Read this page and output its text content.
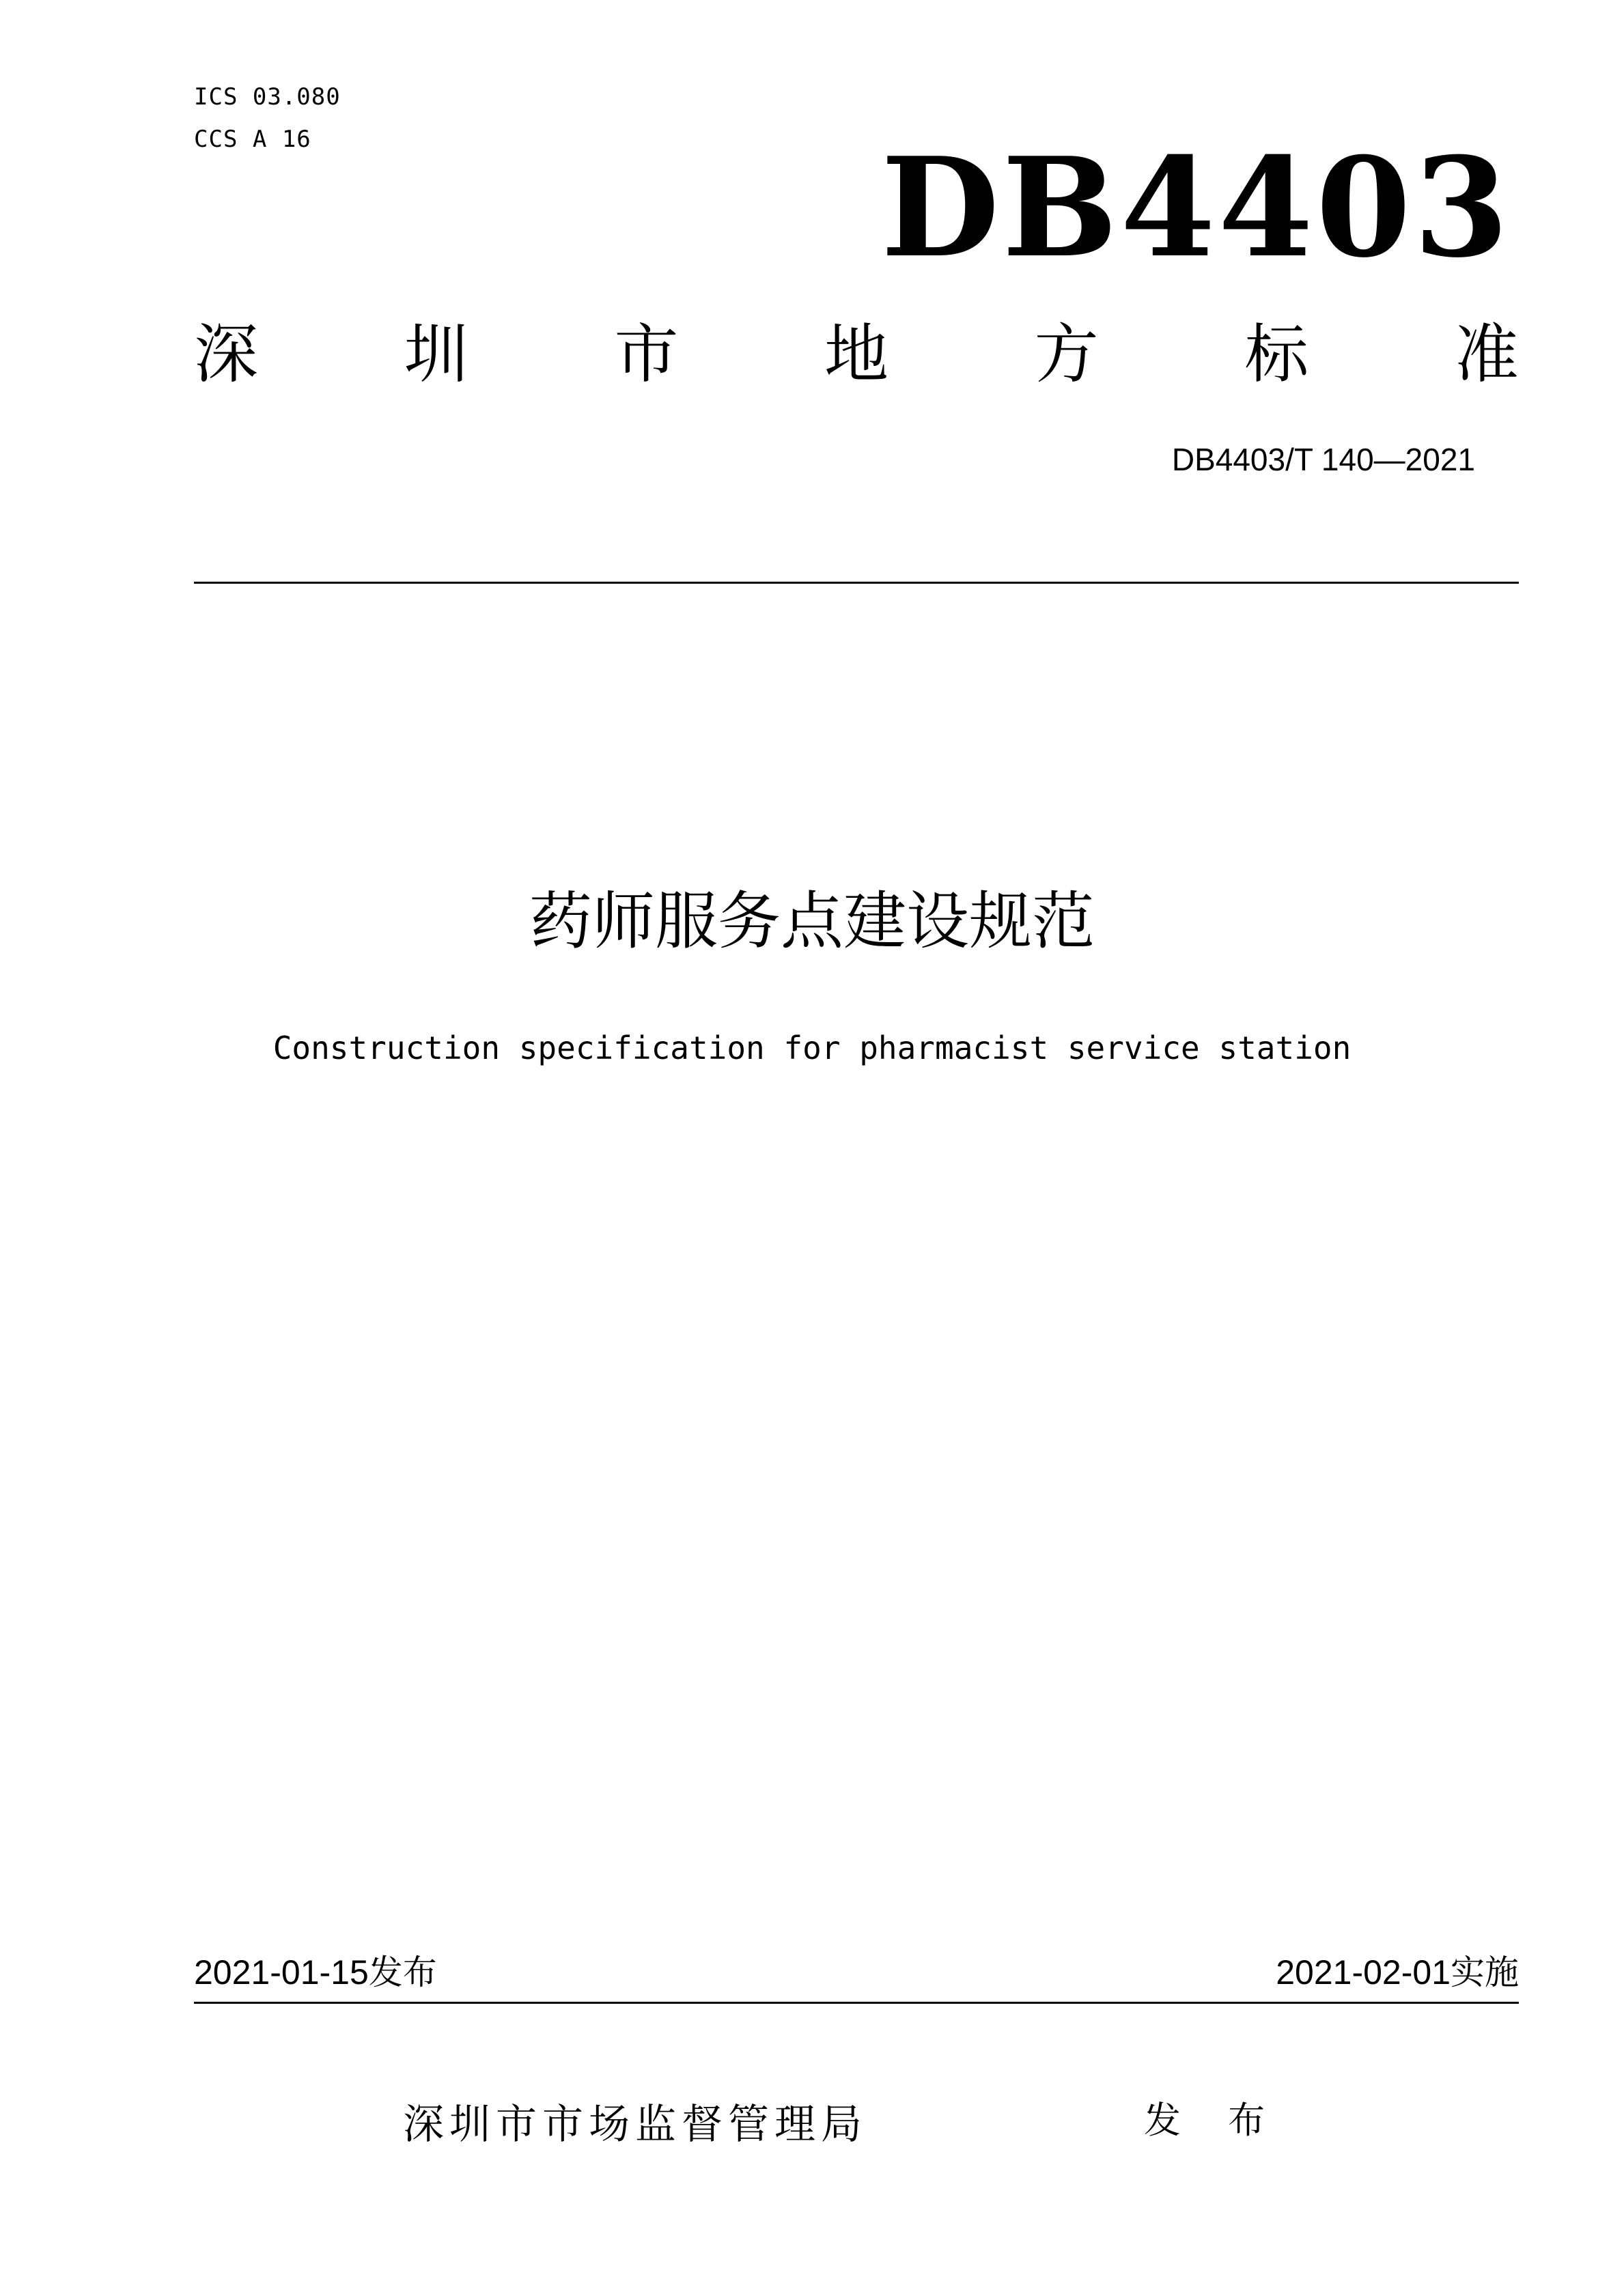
ICS 03.080
CCS A 16	DB4403
深 圳 市 地 方 标 准
DB4403/T 140—2021
药师服务点建设规范
Construction specification for pharmacist service station
2021-01-15发布	2021-02-01实施
深圳市市场监督管理局	发 布
